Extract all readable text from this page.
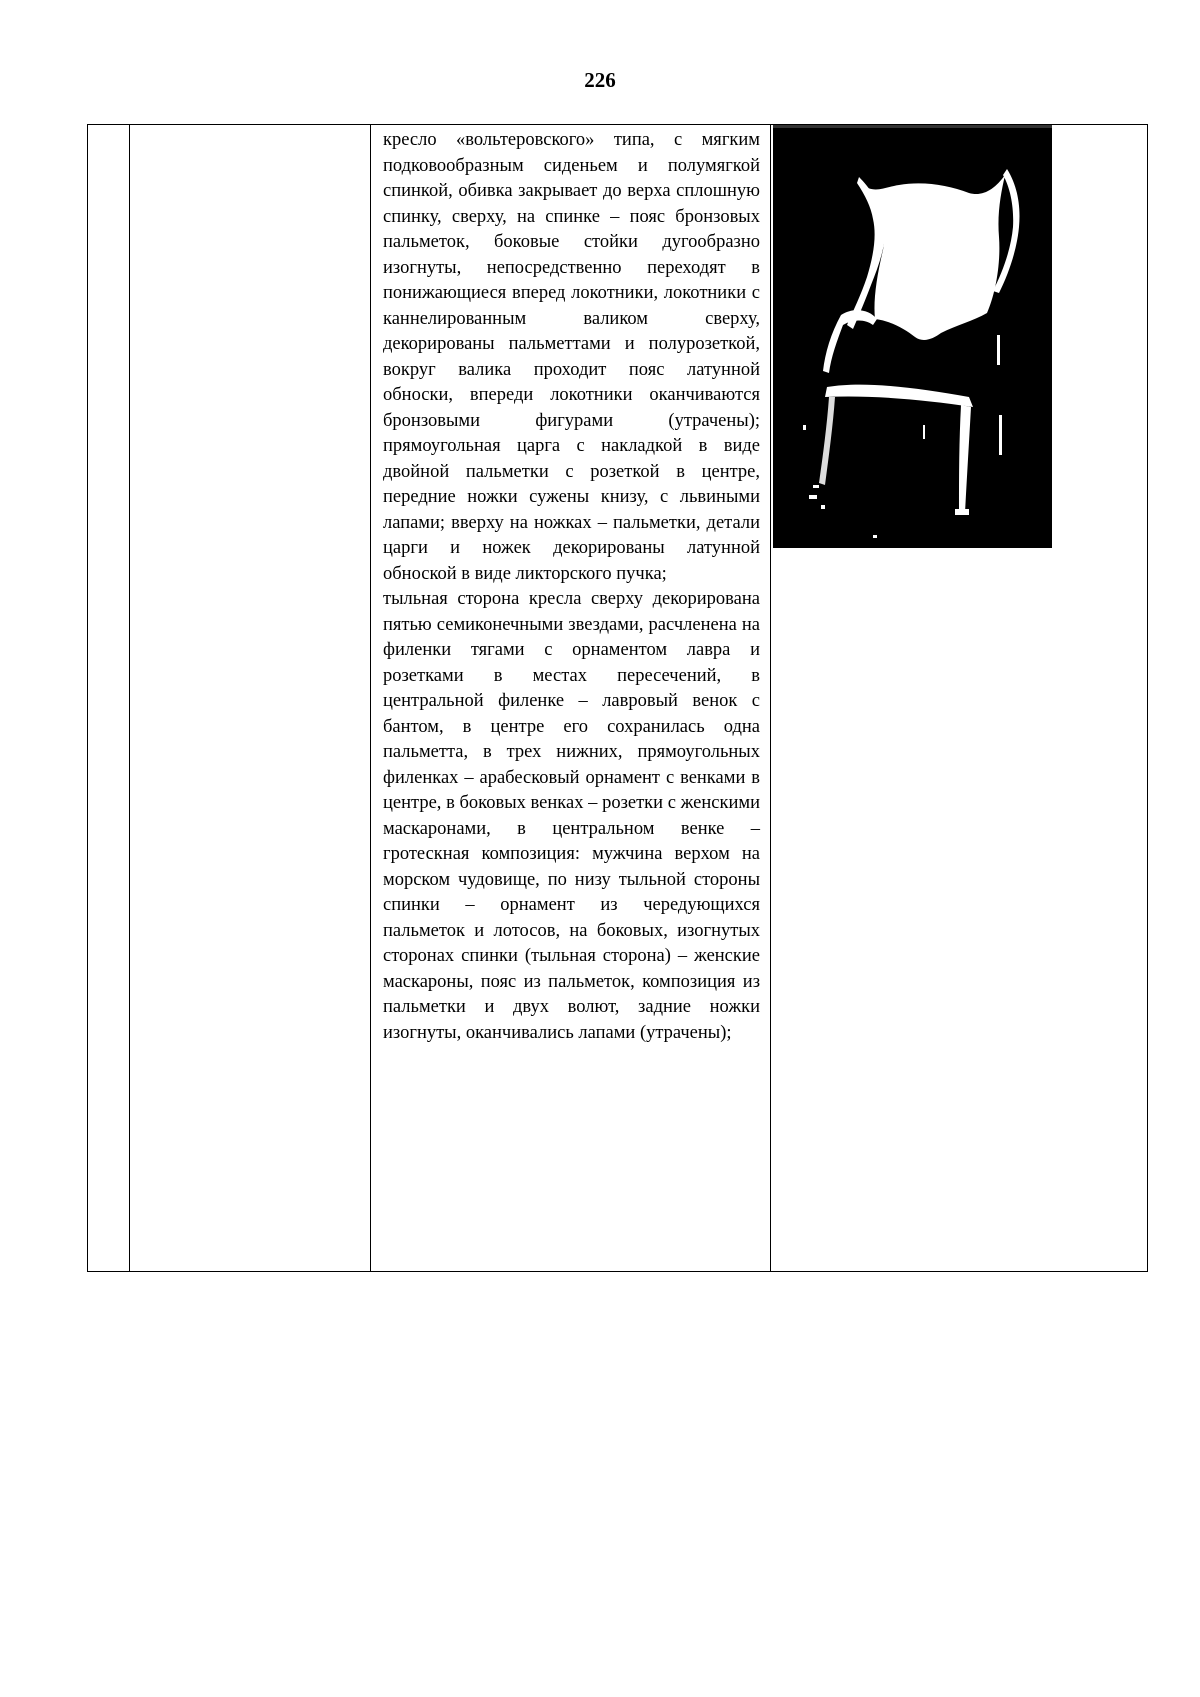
226

кресло «вольтеровского» типа, с мягким подковообразным сиденьем и полумягкой спинкой, обивка закрывает до верха сплошную спинку, сверху, на спинке – пояс бронзовых пальметок, боковые стойки дугообразно изогнуты, непосредственно переходят в понижающиеся вперед локотники, локотники с каннелированным валиком сверху, декорированы пальметтами и полурозеткой, вокруг валика проходит пояс латунной обноски, впереди локотники оканчиваются бронзовыми фигурами (утрачены); прямоугольная царга с накладкой в виде двойной пальметки с розеткой в центре, передние ножки сужены книзу, с львиными лапами; вверху на ножках – пальметки, детали царги и ножек декорированы латунной обноской в виде ликторского пучка;

тыльная сторона кресла сверху декорирована пятью семиконечными звездами, расчленена на филенки тягами с орнаментом лавра и розетками в местах пересечений, в центральной филенке – лавровый венок с бантом, в центре его сохранилась одна пальметта, в трех нижних, прямоугольных филенках – арабесковый орнамент с венками в центре, в боковых венках – розетки с женскими маскаронами, в центральном венке – гротескная композиция: мужчина верхом на морском чудовище, по низу тыльной стороны спинки – орнамент из чередующихся пальметок и лотосов, на боковых, изогнутых сторонах спинки (тыльная сторона) – женские маскароны, пояс из пальметок, композиция из пальметки и двух волют, задние ножки изогнуты, оканчивались лапами (утрачены);
